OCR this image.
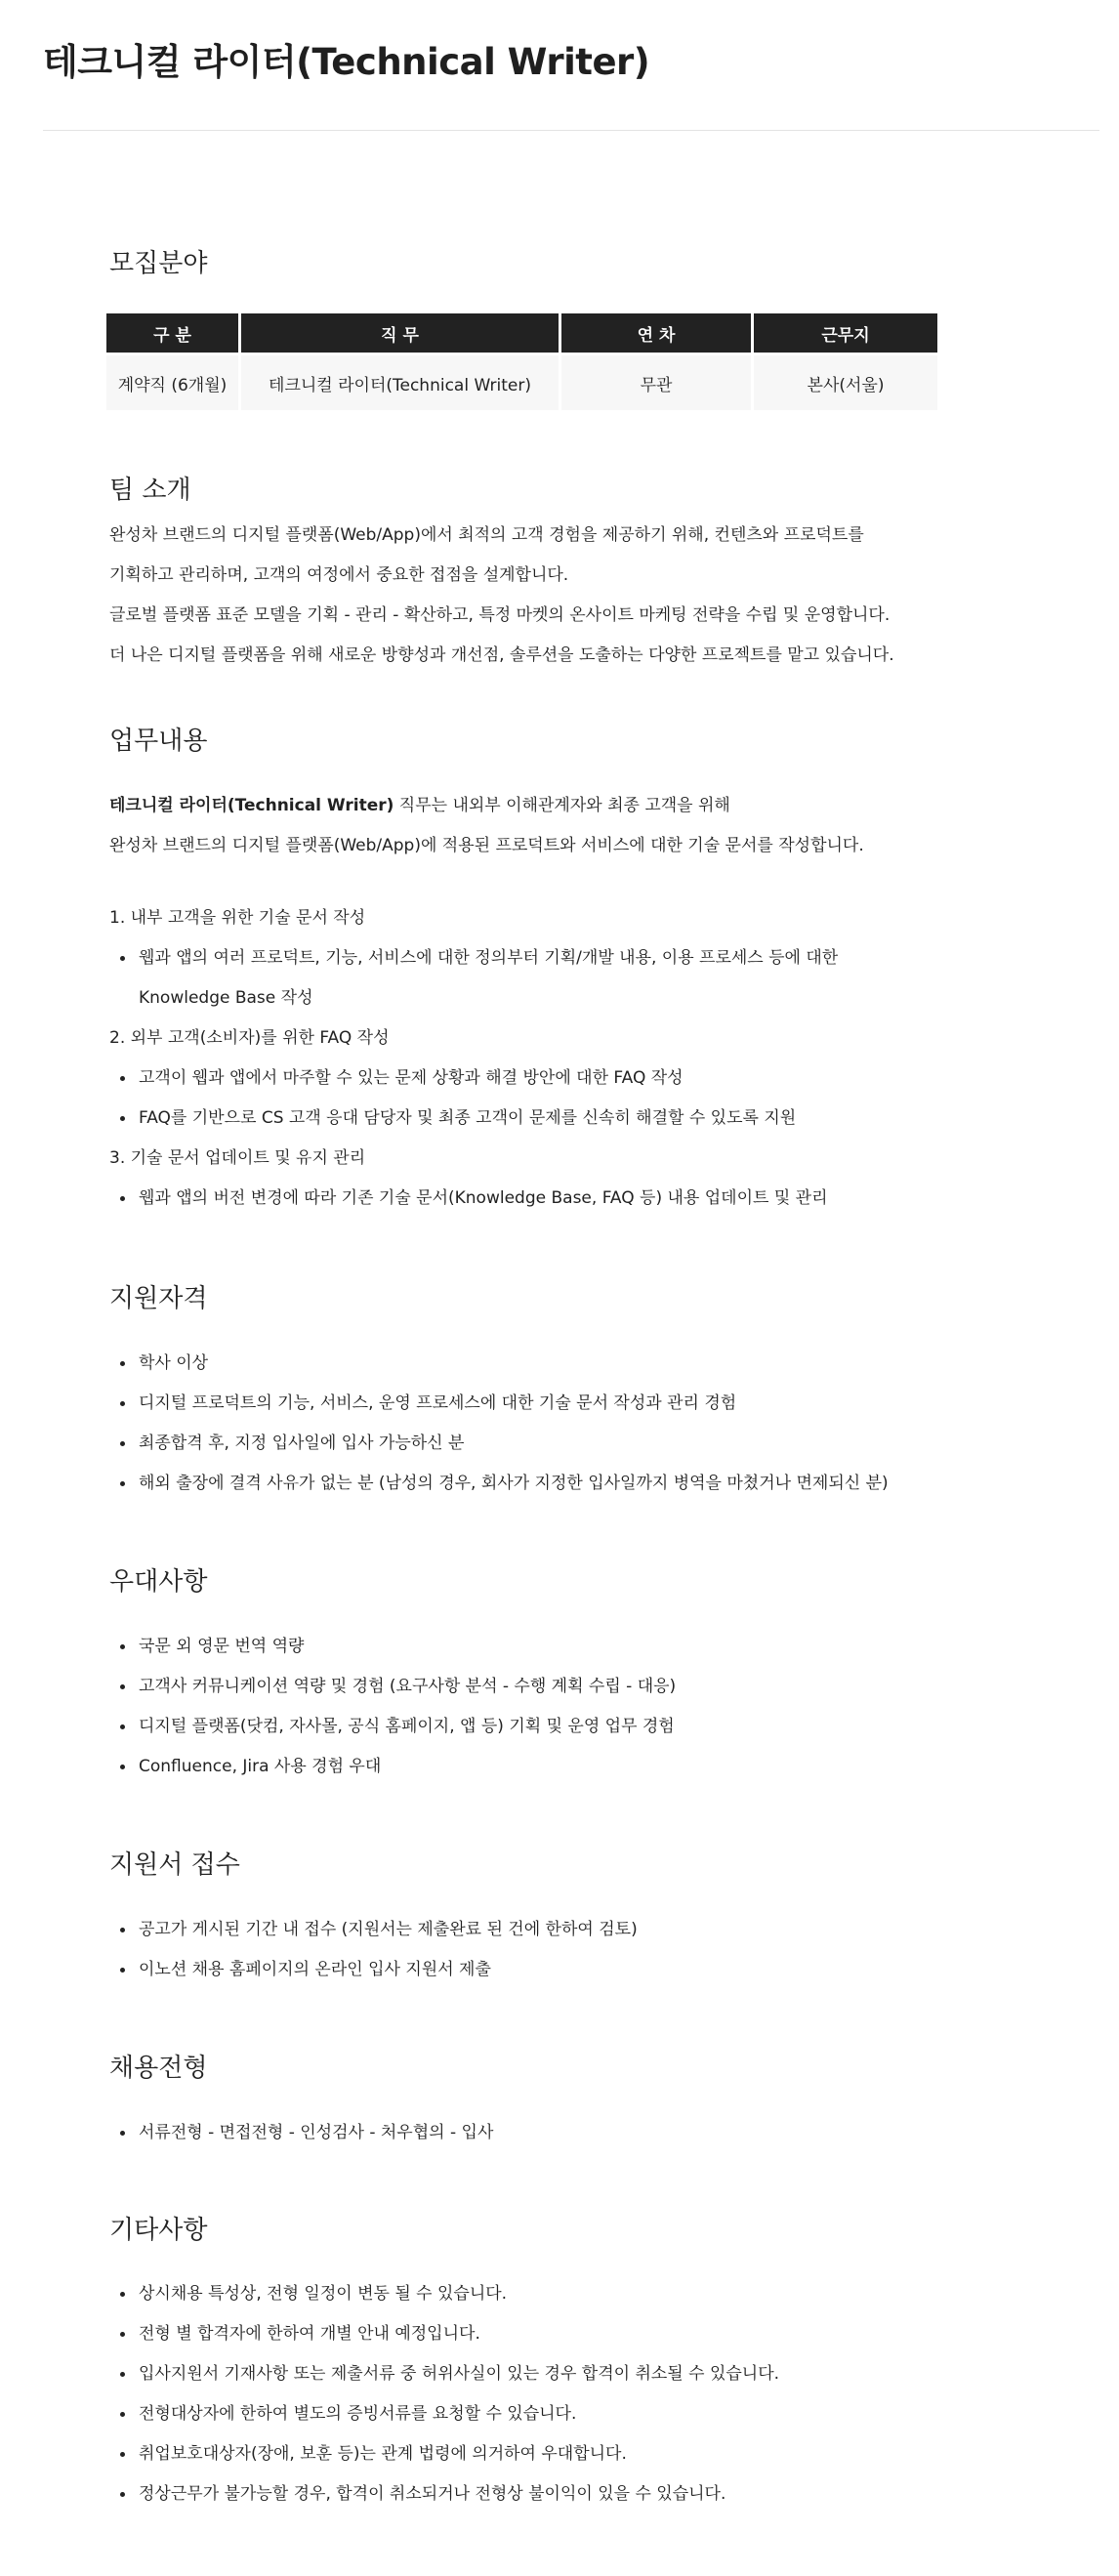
테크니컬 라이터(Technical Writer)
모집분야
구 분	직 무	연 차	근무지
계약직 (6개월)	테크니컬 라이터(Technical Writer)	무관	본사(서울)
팀 소개
완성차 브랜드의 디지털 플랫폼(Web/App)에서 최적의 고객 경험을 제공하기 위해, 컨텐츠와 프로덕트를
기획하고 관리하며, 고객의 여정에서 중요한 접점을 설계합니다.
글로벌 플랫폼 표준 모델을 기획 - 관리 - 확산하고, 특정 마켓의 온사이트 마케팅 전략을 수립 및 운영합니다.
더 나은 디지털 플랫폼을 위해 새로운 방향성과 개선점, 솔루션을 도출하는 다양한 프로젝트를 맡고 있습니다.
업무내용
테크니컬 라이터(Technical Writer) 직무는 내외부 이해관계자와 최종 고객을 위해
완성차 브랜드의 디지털 플랫폼(Web/App)에 적용된 프로덕트와 서비스에 대한 기술 문서를 작성합니다.
1. 내부 고객을 위한 기술 문서 작성
웹과 앱의 여러 프로덕트, 기능, 서비스에 대한 정의부터 기획/개발 내용, 이용 프로세스 등에 대한
Knowledge Base 작성
2. 외부 고객(소비자)를 위한 FAQ 작성
고객이 웹과 앱에서 마주할 수 있는 문제 상황과 해결 방안에 대한 FAQ 작성
FAQ를 기반으로 CS 고객 응대 담당자 및 최종 고객이 문제를 신속히 해결할 수 있도록 지원
3. 기술 문서 업데이트 및 유지 관리
웹과 앱의 버전 변경에 따라 기존 기술 문서(Knowledge Base, FAQ 등) 내용 업데이트 및 관리
지원자격
학사 이상
디지털 프로덕트의 기능, 서비스, 운영 프로세스에 대한 기술 문서 작성과 관리 경험
최종합격 후, 지정 입사일에 입사 가능하신 분
해외 출장에 결격 사유가 없는 분 (남성의 경우, 회사가 지정한 입사일까지 병역을 마쳤거나 면제되신 분)
우대사항
국문 외 영문 번역 역량
고객사 커뮤니케이션 역량 및 경험 (요구사항 분석 - 수행 계획 수립 - 대응)
디지털 플랫폼(닷컴, 자사몰, 공식 홈페이지, 앱 등) 기획 및 운영 업무 경험
Confluence, Jira 사용 경험 우대
지원서 접수
공고가 게시된 기간 내 접수 (지원서는 제출완료 된 건에 한하여 검토)
이노션 채용 홈페이지의 온라인 입사 지원서 제출
채용전형
서류전형 - 면접전형 - 인성검사 - 처우협의 - 입사
기타사항
상시채용 특성상, 전형 일정이 변동 될 수 있습니다.
전형 별 합격자에 한하여 개별 안내 예정입니다.
입사지원서 기재사항 또는 제출서류 중 허위사실이 있는 경우 합격이 취소될 수 있습니다.
전형대상자에 한하여 별도의 증빙서류를 요청할 수 있습니다.
취업보호대상자(장애, 보훈 등)는 관계 법령에 의거하여 우대합니다.
정상근무가 불가능할 경우, 합격이 취소되거나 전형상 불이익이 있을 수 있습니다.
